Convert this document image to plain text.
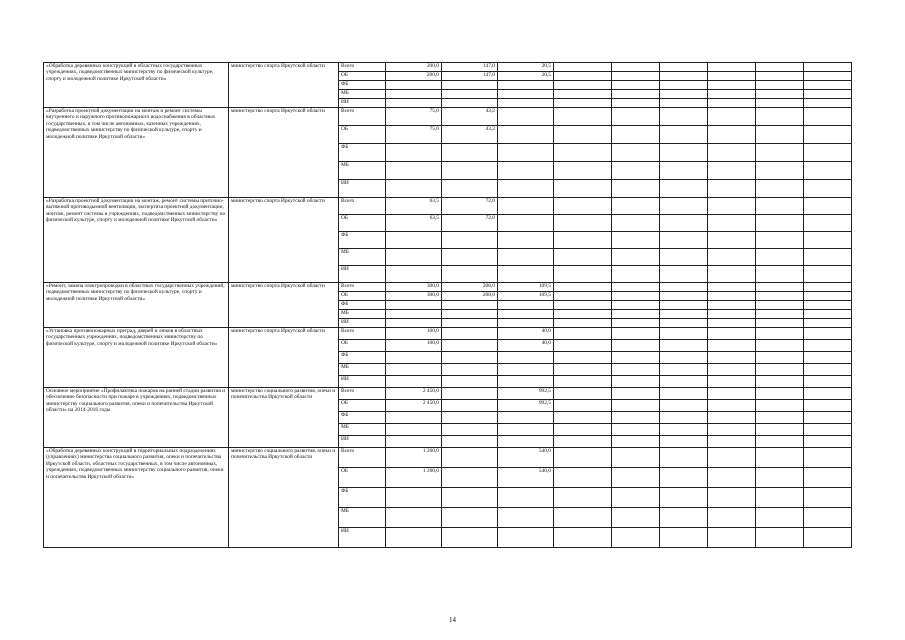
«Обработка деревянных конструкций в областных государственных учреждениях, подведомственных министерству по физической культуре, спорту и молодежной политике Иркутской области»	министерство спорта Иркутской области	Всего	200,0	147,0	20,5						
		ОБ	200,0	147,0	20,5						
		ФБ									
		МБ									
		ИИ									
«Разработка проектной документации на монтаж и ремонт системы внутреннего и наружного противопожарного водоснабжения в областных государственных, в том числе автономных, казенных учреждениях, подведомственных министерству по физической культуре, спорту и молодежной политике Иркутской области»	министерство спорта Иркутской области	Всего	75,0	43,2							
		ОБ	75,0	43,2							
		ФБ									
		МБ									
		ИИ									
«Разработка проектной документации на монтаж, ремонт системы приточно-вытяжной противодымной вентиляции, экспертиза проектной документации, монтаж, ремонт системы в учреждениях, подведомственных министерству по физической культуре, спорту и молодежной политике Иркутской области»	министерство спорта Иркутской области	Всего	63,5	72,0							
		ОБ	63,5	72,0							
		ФБ									
		МБ									
		ИИ									
«Ремонт, замена электропроводки в областных государственных учреждений, подведомственных министерству по физической культуре, спорту и молодежной политике Иркутской области»	министерство спорта Иркутской области	Всего	300,0	208,0	109,5						
		ОБ	300,0	208,0	109,5						
		ФБ									
		МБ									
		ИИ									
«Установка противопожарных преград, дверей и люков в областных государственных учреждениях, подведомственных министерству по физической культуре, спорту и молодежной политике Иркутской области»	министерство спорта Иркутской области	Всего	100,0		40,0						
		ОБ	100,0		40,0						
		ФБ									
		МБ									
		ИИ									
Основное мероприятие «Профилактика пожаров на ранней стадии развития и обеспечение безопасности при пожаре в учреждениях, подведомственных министерству социального развития, опеки и попечительства Иркутской области» на 2014-2016 годы	министерство социального развития, опеки и попечительства Иркутской области	Всего	2 450,0		992,5						
		ОБ	2 450,0		992,5						
		ФБ									
		МБ									
		ИИ									
«Обработка деревянных конструкций в территориальных подразделениях (управлениях) министерства социального развития, опеки и попечительства Иркутской области, областных государственных, в том числе автономных, учреждениях, подведомственных министерству социального развития, опеки и попечительства Иркутской области»	министерство социального развития, опеки и попечительства Иркутской области	Всего	1 200,0		540,0						
		ОБ	1 200,0		540,0						
		ФБ									
		МБ									
		ИИ									
14
